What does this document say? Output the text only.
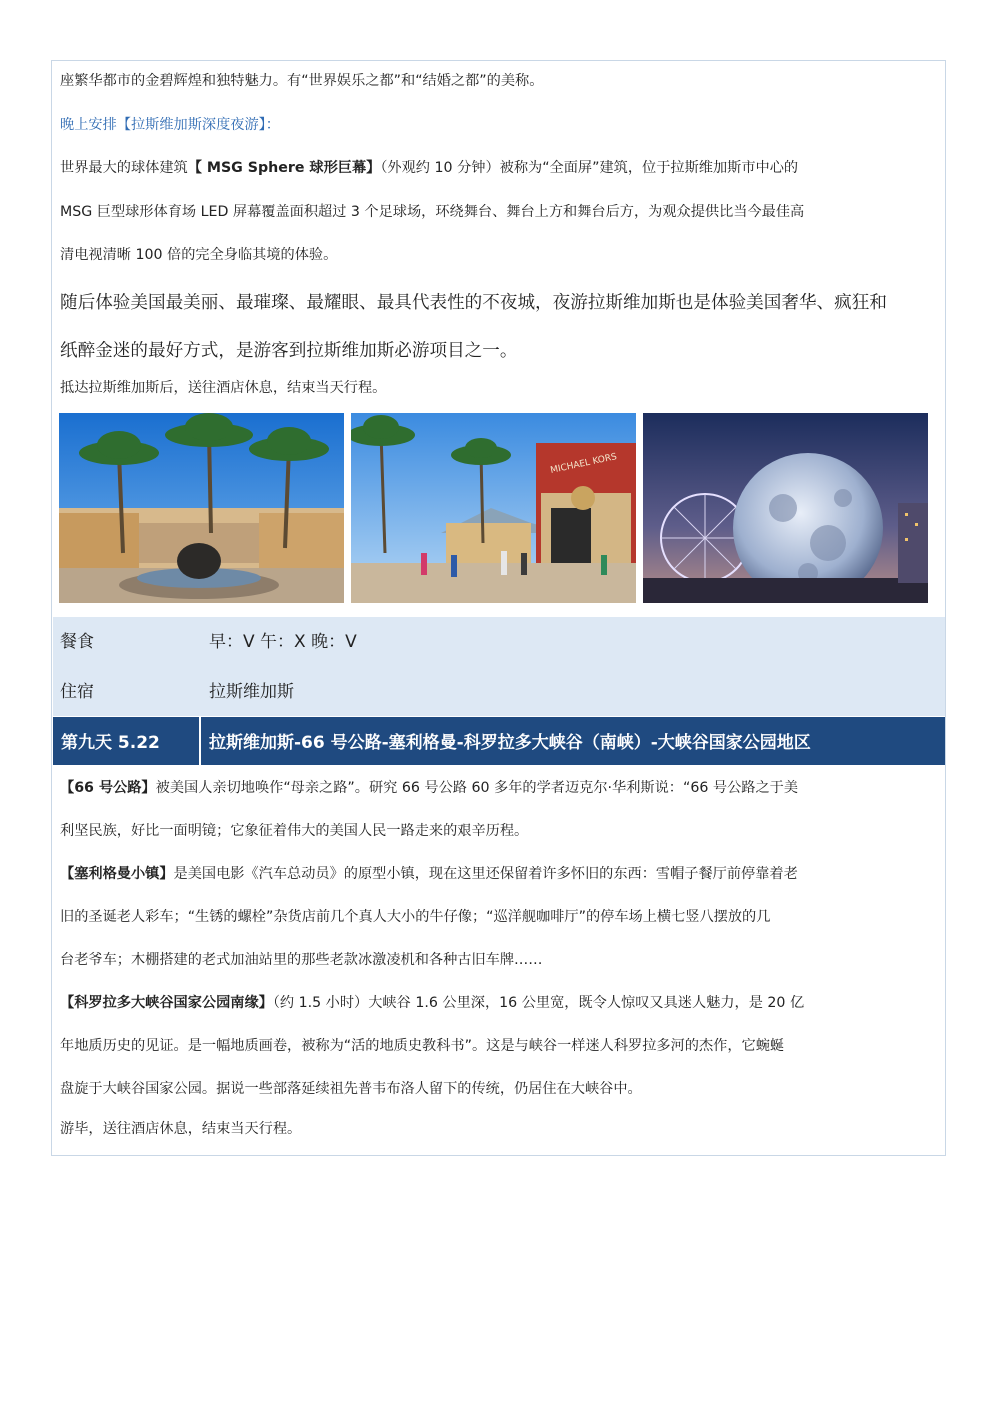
座繁华都市的金碧辉煌和独特魅力。有“世界娱乐之都”和“结婚之都”的美称。

晚上安排【拉斯维加斯深度夜游】：

世界最大的球体建筑【 MSG Sphere 球形巨幕】（外观约 10 分钟）被称为“全面屏”建筑，位于拉斯维加斯市中心的

MSG 巨型球形体育场 LED 屏幕覆盖面积超过 3 个足球场，环绕舞台、舞台上方和舞台后方，为观众提供比当今最佳高

清电视清晰 100 倍的完全身临其境的体验。

随后体验美国最美丽、最璀璨、最耀眼、最具代表性的不夜城，夜游拉斯维加斯也是体验美国奢华、疯狂和

纸醉金迷的最好方式，是游客到拉斯维加斯必游项目之一。

抵达拉斯维加斯后，送往酒店休息，结束当天行程。

MICHAEL KORS
餐食	早：V 午：X 晚：V
住宿	拉斯维加斯
第九天 5.22	拉斯维加斯-66 号公路-塞利格曼-科罗拉多大峡谷（南峡）-大峡谷国家公园地区

【66 号公路】被美国人亲切地唤作“母亲之路”。研究 66 号公路 60 多年的学者迈克尔·华利斯说：“66 号公路之于美

利坚民族，好比一面明镜；它象征着伟大的美国人民一路走来的艰辛历程。

【塞利格曼小镇】是美国电影《汽车总动员》的原型小镇，现在这里还保留着许多怀旧的东西：雪帽子餐厅前停靠着老

旧的圣诞老人彩车；“生锈的螺栓”杂货店前几个真人大小的牛仔像；“巡洋舰咖啡厅”的停车场上横七竖八摆放的几

台老爷车；木棚搭建的老式加油站里的那些老款冰激凌机和各种古旧车牌……

【科罗拉多大峡谷国家公园南缘】（约 1.5 小时）大峡谷 1.6 公里深，16 公里宽，既令人惊叹又具迷人魅力，是 20 亿

年地质历史的见证。是一幅地质画卷，被称为“活的地质史教科书”。这是与峡谷一样迷人科罗拉多河的杰作，它蜿蜒

盘旋于大峡谷国家公园。据说一些部落延续祖先普韦布洛人留下的传统，仍居住在大峡谷中。

游毕，送往酒店休息，结束当天行程。
